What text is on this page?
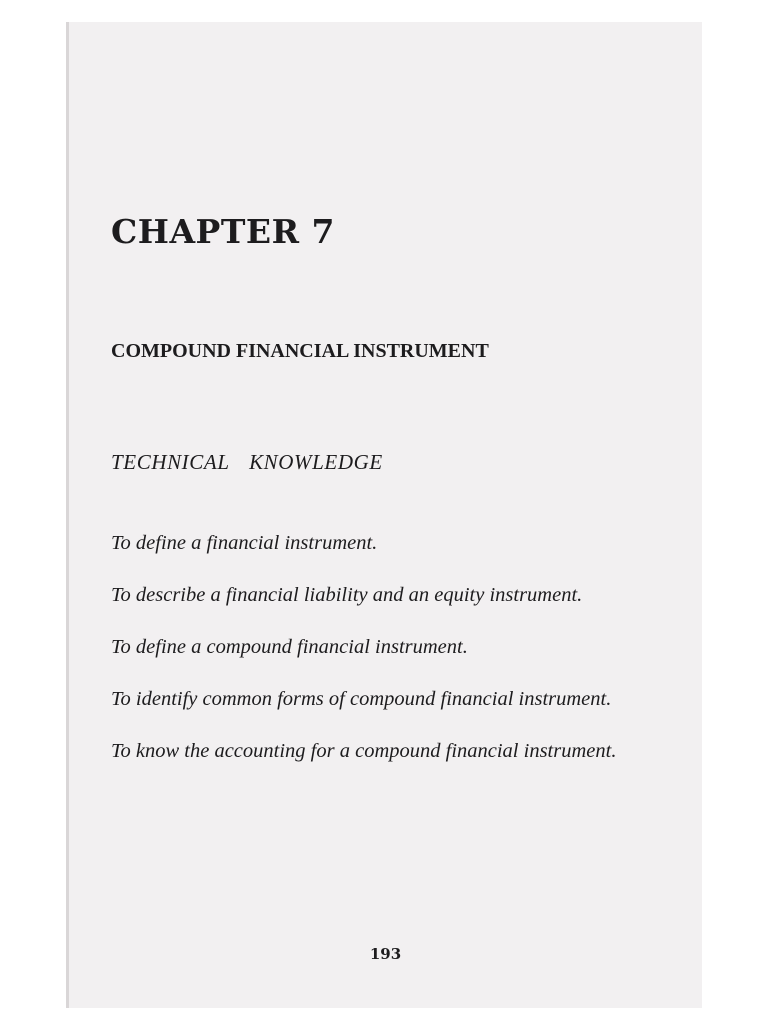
CHAPTER 7
COMPOUND FINANCIAL INSTRUMENT
TECHNICAL KNOWLEDGE
To define a financial instrument.
To describe a financial liability and an equity instrument.
To define a compound financial instrument.
To identify common forms of compound financial instrument.
To know the accounting for a compound financial instrument.

193
